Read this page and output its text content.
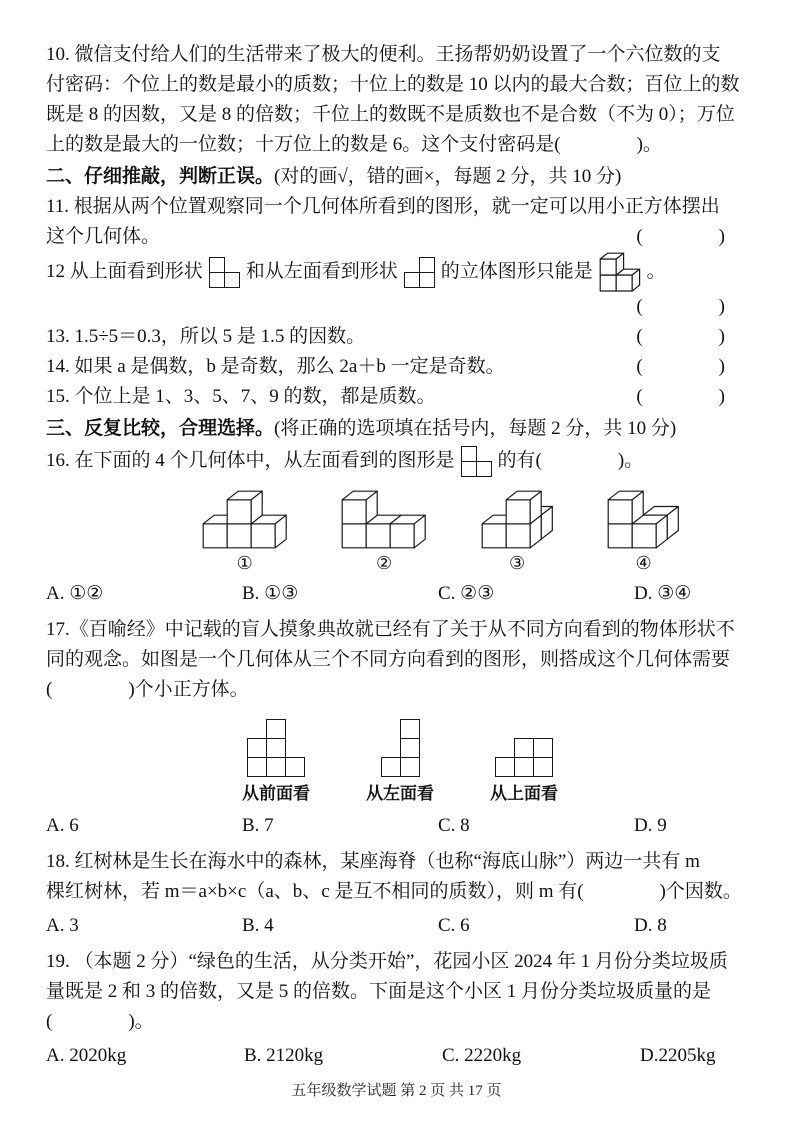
10. 微信支付给人们的生活带来了极大的便利。王扬帮奶奶设置了一个六位数的支
付密码：个位上的数是最小的质数；十位上的数是 10 以内的最大合数；百位上的数
既是 8 的因数，又是 8 的倍数；千位上的数既不是质数也不是合数（不为 0）；万位
上的数是最大的一位数；十万位上的数是 6。这个支付密码是(　　　　)。
二、仔细推敲，判断正误。(对的画√，错的画×，每题 2 分，共 10 分)
11. 根据从两个位置观察同一个几何体所看到的图形，就一定可以用小正方体摆出
这个几何体。	(　　　　)
12 从上面看到形状 和从左面看到形状 的立体图形只能是	。
(　　　　)
13. 1.5÷5＝0.3，所以 5 是 1.5 的因数。	(　　　　)
14. 如果 a 是偶数，b 是奇数，那么 2a＋b 一定是奇数。	(　　　　)
15. 个位上是 1、3、5、7、9 的数，都是质数。	(　　　　)
三、反复比较，合理选择。(将正确的选项填在括号内，每题 2 分，共 10 分)
16. 在下面的 4 个几何体中，从左面看到的图形是 的有(　　　　)。
①	②	③	④
A. ①②	B. ①③	C. ②③	D. ③④
17.《百喻经》中记载的盲人摸象典故就已经有了关于从不同方向看到的物体形状不
同的观念。如图是一个几何体从三个不同方向看到的图形，则搭成这个几何体需要
(　　　　)个小正方体。
从前面看	从左面看	从上面看
A. 6	B. 7	C. 8	D. 9
18. 红树林是生长在海水中的森林，某座海脊（也称“海底山脉”）两边一共有 m
棵红树林，若 m＝a×b×c（a、b、c 是互不相同的质数），则 m 有(　　　　)个因数。
A. 3	B. 4	C. 6	D. 8
19. （本题 2 分）“绿色的生活，从分类开始”，花园小区 2024 年 1 月份分类垃圾质
量既是 2 和 3 的倍数，又是 5 的倍数。下面是这个小区 1 月份分类垃圾质量的是
(　　　　)。
A. 2020kg	B. 2120kg	C. 2220kg	D.2205kg
五年级数学试题 第 2 页 共 17 页
